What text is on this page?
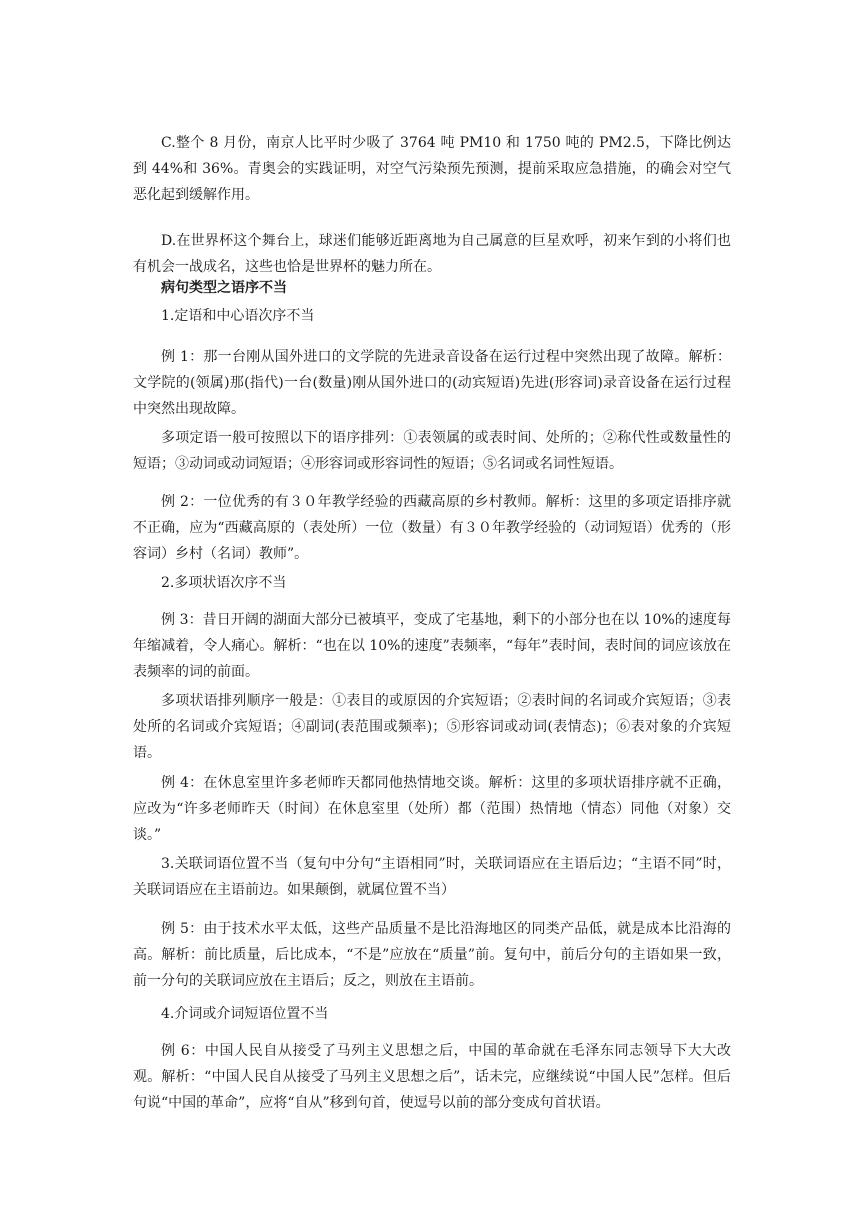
C.整个 8 月份，南京人比平时少吸了 3764 吨 PM10 和 1750 吨的 PM2.5，下降比例达到 44%和 36%。青奥会的实践证明，对空气污染预先预测，提前采取应急措施，的确会对空气恶化起到缓解作用。

D.在世界杯这个舞台上，球迷们能够近距离地为自己属意的巨星欢呼，初来乍到的小将们也有机会一战成名，这些也恰是世界杯的魅力所在。

病句类型之语序不当

1.定语和中心语次序不当

例 1：那一台刚从国外进口的文学院的先进录音设备在运行过程中突然出现了故障。解析：文学院的(领属)那(指代)一台(数量)刚从国外进口的(动宾短语)先进(形容词)录音设备在运行过程中突然出现故障。

多项定语一般可按照以下的语序排列：①表领属的或表时间、处所的；②称代性或数量性的短语；③动词或动词短语；④形容词或形容词性的短语；⑤名词或名词性短语。

例 2：一位优秀的有３０年教学经验的西藏高原的乡村教师。解析：这里的多项定语排序就不正确，应为“西藏高原的（表处所）一位（数量）有３０年教学经验的（动词短语）优秀的（形容词）乡村（名词）教师”。

2.多项状语次序不当

例 3：昔日开阔的湖面大部分已被填平，变成了宅基地，剩下的小部分也在以 10%的速度每年缩减着，令人痛心。解析：“也在以 10%的速度”表频率，“每年”表时间，表时间的词应该放在表频率的词的前面。

多项状语排列顺序一般是：①表目的或原因的介宾短语；②表时间的名词或介宾短语；③表处所的名词或介宾短语；④副词(表范围或频率)；⑤形容词或动词(表情态)；⑥表对象的介宾短语。

例 4：在休息室里许多老师昨天都同他热情地交谈。解析：这里的多项状语排序就不正确，应改为“许多老师昨天（时间）在休息室里（处所）都（范围）热情地（情态）同他（对象）交谈。”

3.关联词语位置不当（复句中分句“主语相同”时，关联词语应在主语后边；“主语不同”时，关联词语应在主语前边。如果颠倒，就属位置不当）

例 5：由于技术水平太低，这些产品质量不是比沿海地区的同类产品低，就是成本比沿海的高。解析：前比质量，后比成本，“不是”应放在“质量”前。复句中，前后分句的主语如果一致，前一分句的关联词应放在主语后；反之，则放在主语前。

4.介词或介词短语位置不当

例 6：中国人民自从接受了马列主义思想之后，中国的革命就在毛泽东同志领导下大大改观。解析：“中国人民自从接受了马列主义思想之后”，话未完，应继续说“中国人民”怎样。但后句说“中国的革命”，应将“自从”移到句首，使逗号以前的部分变成句首状语。
